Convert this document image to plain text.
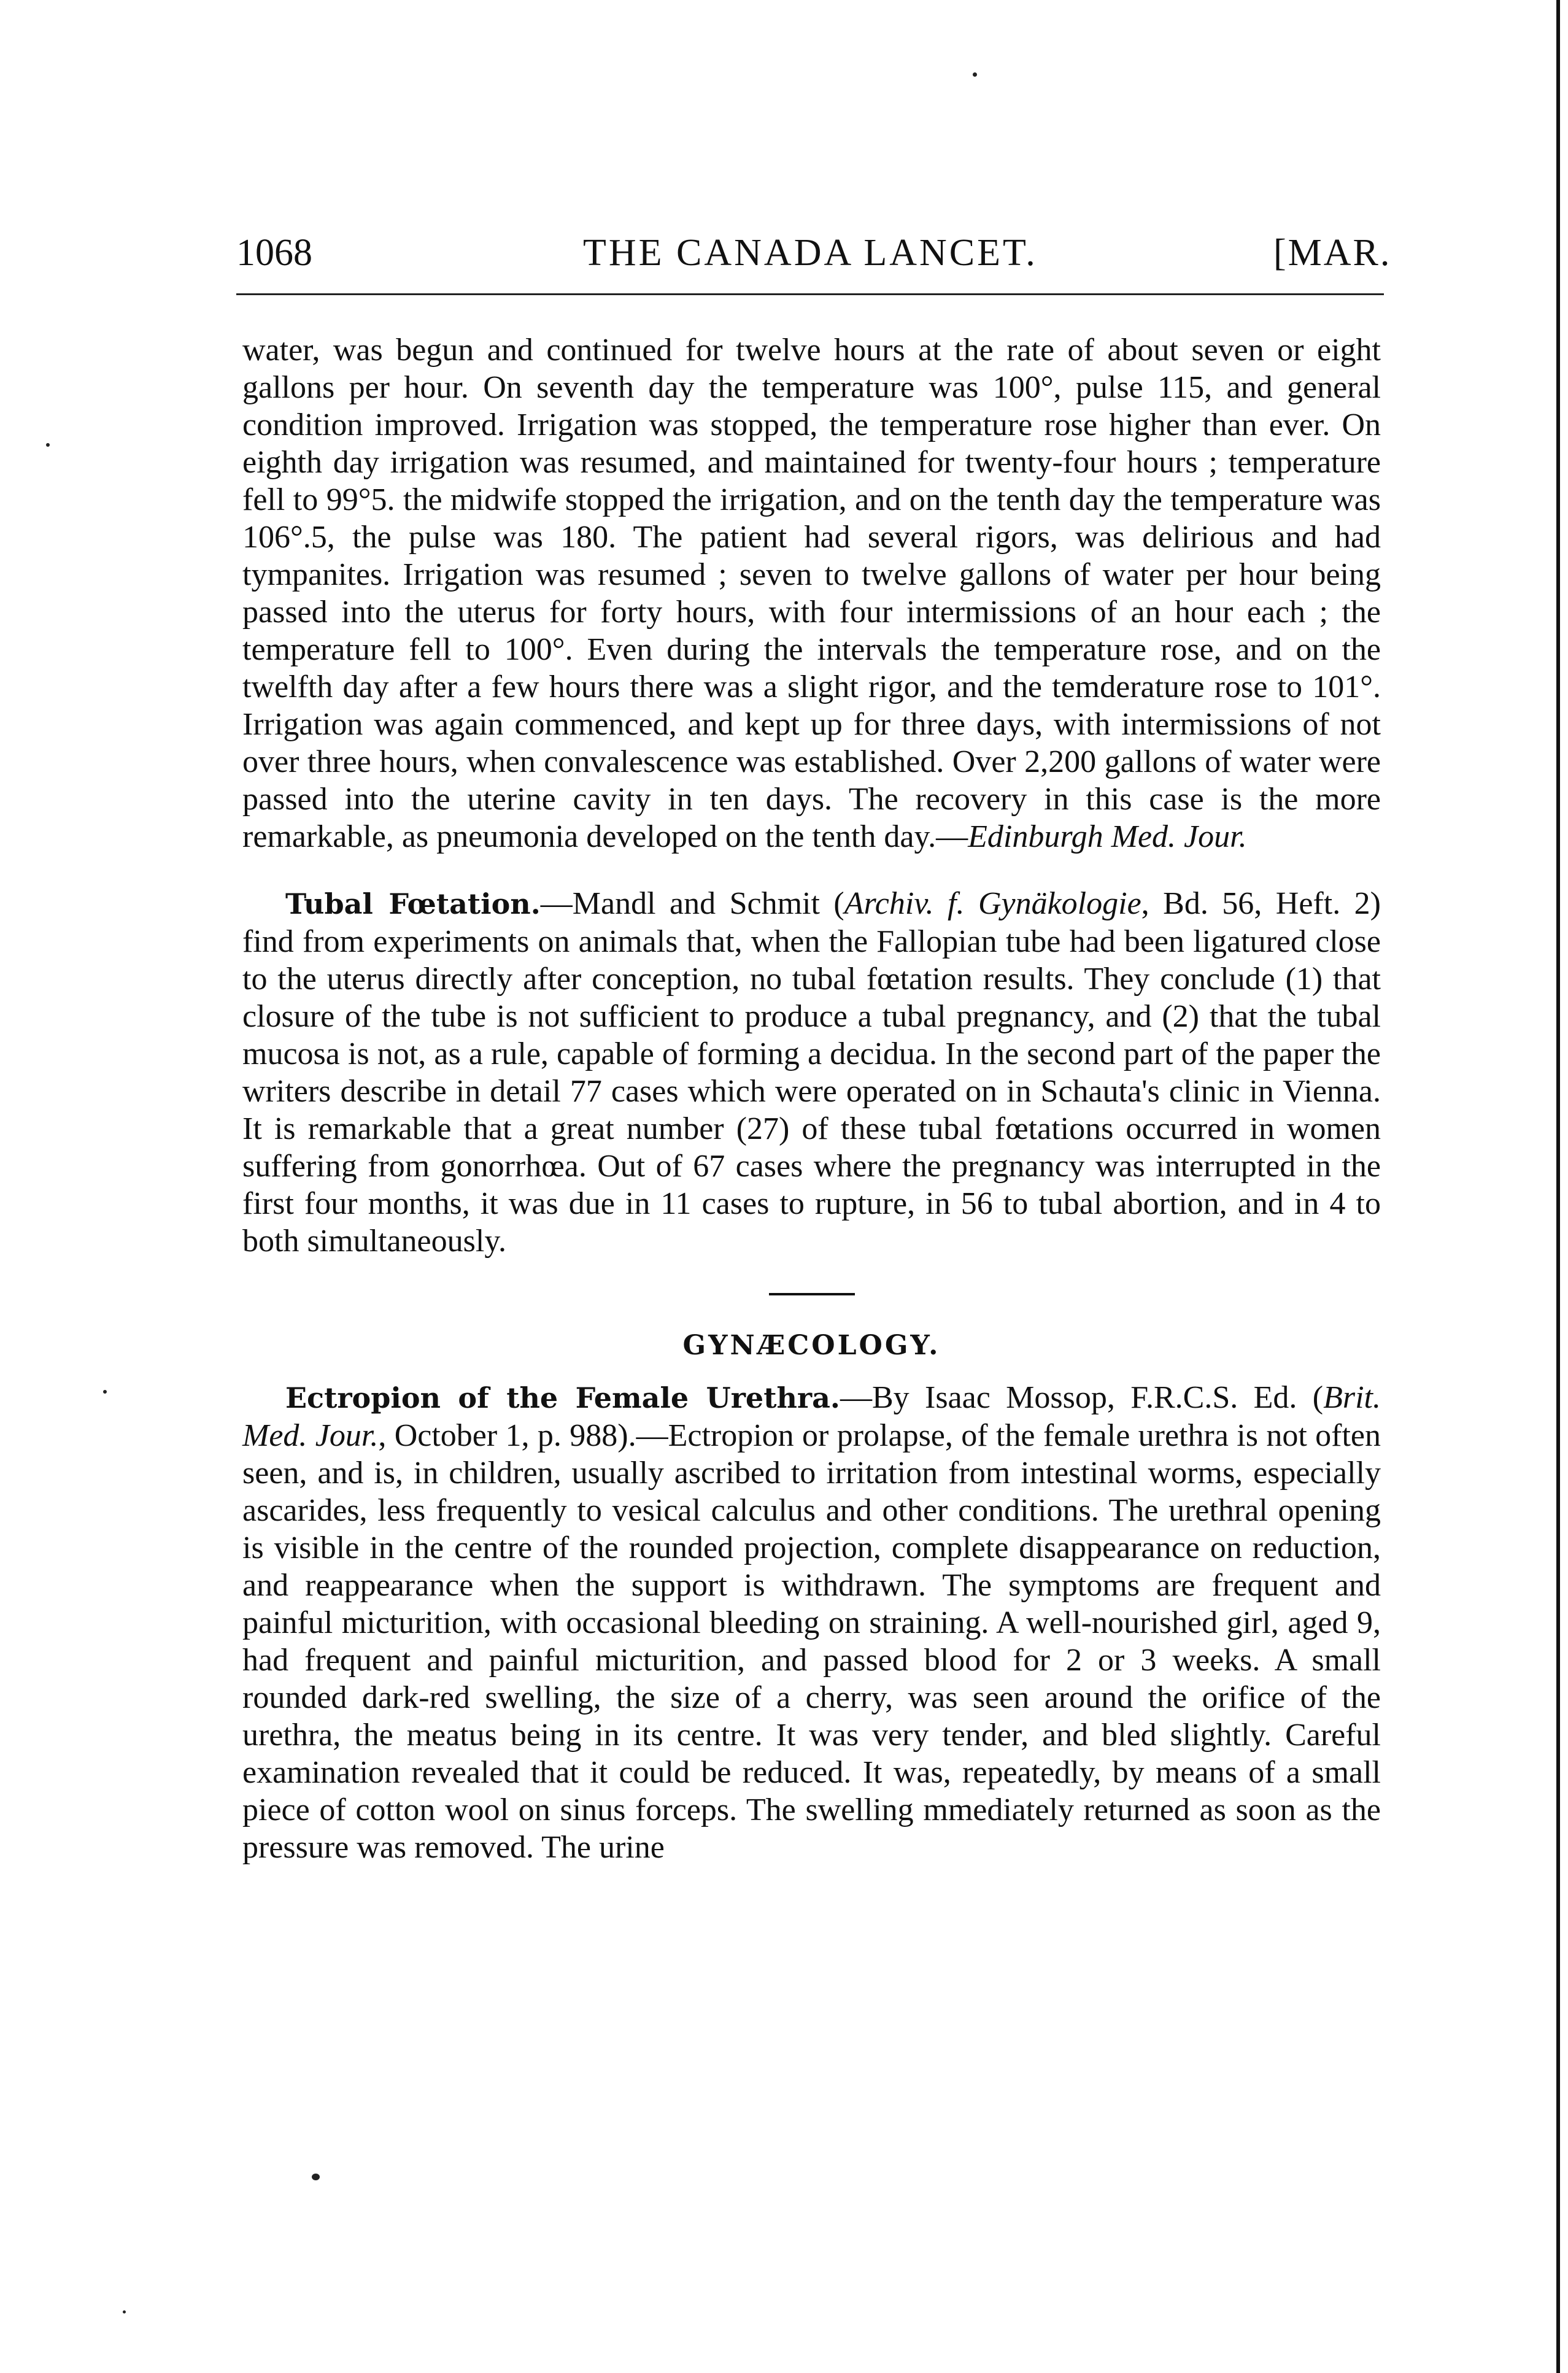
1068	THE CANADA LANCET.	[MAR.

water, was begun and continued for twelve hours at the rate of about seven or eight gallons per hour. On seventh day the temperature was 100°, pulse 115, and general condition improved. Irrigation was stopped, the temperature rose higher than ever. On eighth day irrigation was resumed, and maintained for twenty-four hours ; temperature fell to 99°5. the midwife stopped the irrigation, and on the tenth day the temperature was 106°.5, the pulse was 180. The patient had several rigors, was delirious and had tympanites. Irrigation was resumed ; seven to twelve gallons of water per hour being passed into the uterus for forty hours, with four intermissions of an hour each ; the temperature fell to 100°. Even during the intervals the temperature rose, and on the twelfth day after a few hours there was a slight rigor, and the temderature rose to 101°. Irrigation was again commenced, and kept up for three days, with intermissions of not over three hours, when convalescence was established. Over 2,200 gallons of water were passed into the uterine cavity in ten days. The recovery in this case is the more remarkable, as pneumonia developed on the tenth day.—Edinburgh Med. Jour.

Tubal Fœtation.—Mandl and Schmit (Archiv. f. Gynäkologie, Bd. 56, Heft. 2) find from experiments on animals that, when the Fallopian tube had been ligatured close to the uterus directly after conception, no tubal fœtation results. They conclude (1) that closure of the tube is not sufficient to produce a tubal pregnancy, and (2) that the tubal mucosa is not, as a rule, capable of forming a decidua. In the second part of the paper the writers describe in detail 77 cases which were operated on in Schauta's clinic in Vienna. It is remarkable that a great number (27) of these tubal fœtations occurred in women suffering from gonorrhœa. Out of 67 cases where the pregnancy was interrupted in the first four months, it was due in 11 cases to rupture, in 56 to tubal abortion, and in 4 to both simultaneously.

GYNÆCOLOGY.

Ectropion of the Female Urethra.—By Isaac Mossop, F.R.C.S. Ed. (Brit. Med. Jour., October 1, p. 988).—Ectropion or prolapse, of the female urethra is not often seen, and is, in children, usually ascribed to irritation from intestinal worms, especially ascarides, less frequently to vesical calculus and other conditions. The urethral opening is visible in the centre of the rounded projection, complete disappearance on reduction, and reappearance when the support is withdrawn. The symptoms are frequent and painful micturition, with occasional bleeding on straining. A well-nourished girl, aged 9, had frequent and painful micturition, and passed blood for 2 or 3 weeks. A small rounded dark-red swelling, the size of a cherry, was seen around the orifice of the urethra, the meatus being in its centre. It was very tender, and bled slightly. Careful examination revealed that it could be reduced. It was, repeatedly, by means of a small piece of cotton wool on sinus forceps. The swelling mmediately returned as soon as the pressure was removed. The urine
